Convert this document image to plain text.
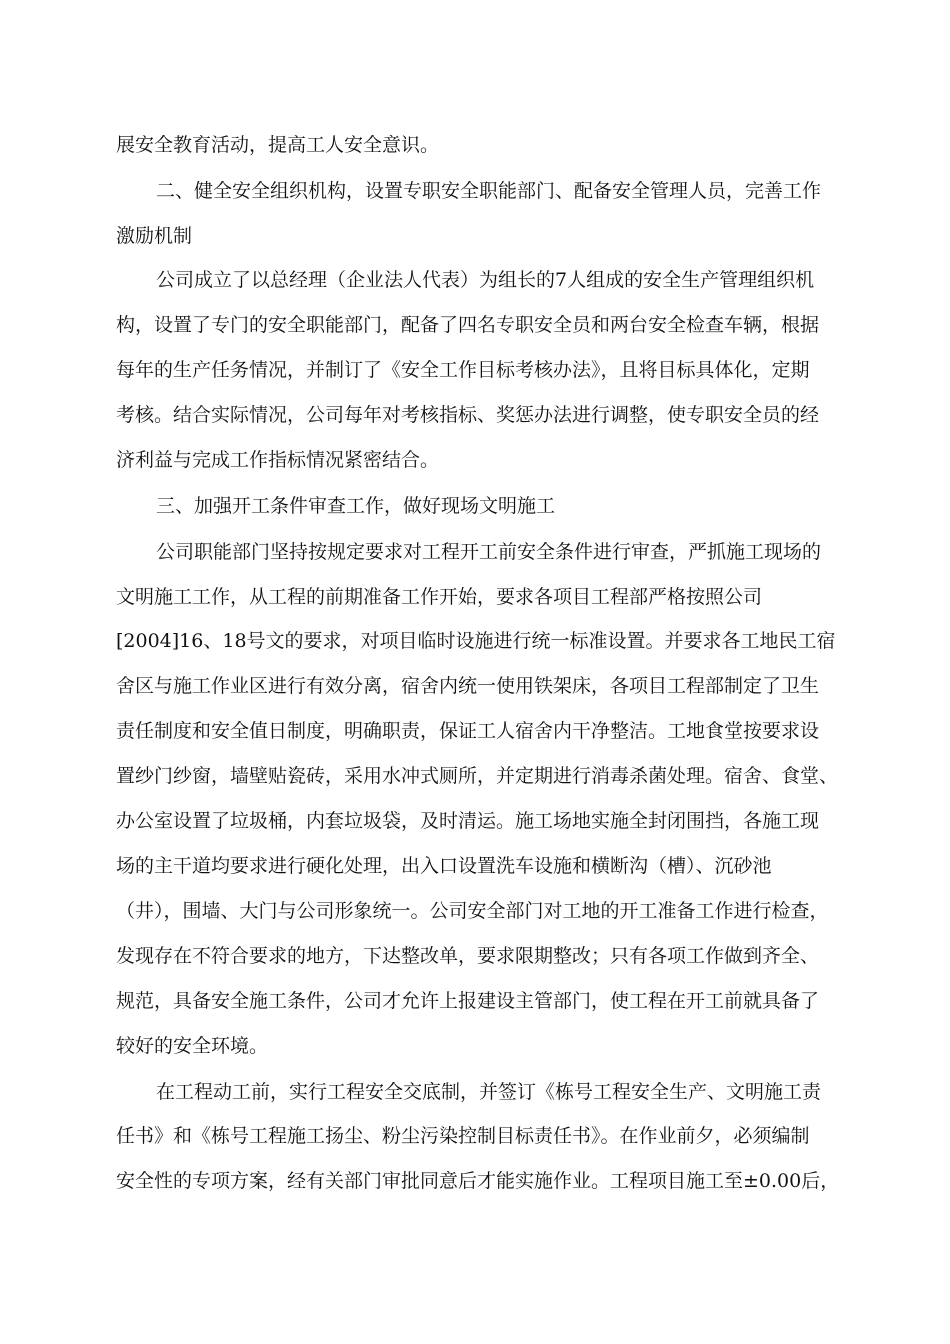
展安全教育活动，提高工人安全意识。
二、健全安全组织机构，设置专职安全职能部门、配备安全管理人员，完善工作
激励机制
公司成立了以总经理（企业法人代表）为组长的7人组成的安全生产管理组织机
构，设置了专门的安全职能部门，配备了四名专职安全员和两台安全检查车辆，根据
每年的生产任务情况，并制订了《安全工作目标考核办法》，且将目标具体化，定期
考核。结合实际情况，公司每年对考核指标、奖惩办法进行调整，使专职安全员的经
济利益与完成工作指标情况紧密结合。
三、加强开工条件审查工作，做好现场文明施工
公司职能部门坚持按规定要求对工程开工前安全条件进行审查，严抓施工现场的
文明施工工作，从工程的前期准备工作开始，要求各项目工程部严格按照公司
[2004]16、18号文的要求，对项目临时设施进行统一标准设置。并要求各工地民工宿
舍区与施工作业区进行有效分离，宿舍内统一使用铁架床，各项目工程部制定了卫生
责任制度和安全值日制度，明确职责，保证工人宿舍内干净整洁。工地食堂按要求设
置纱门纱窗，墙壁贴瓷砖，采用水冲式厕所，并定期进行消毒杀菌处理。宿舍、食堂、
办公室设置了垃圾桶，内套垃圾袋，及时清运。施工场地实施全封闭围挡，各施工现
场的主干道均要求进行硬化处理，出入口设置洗车设施和横断沟（槽）、沉砂池
（井），围墙、大门与公司形象统一。公司安全部门对工地的开工准备工作进行检查，
发现存在不符合要求的地方，下达整改单，要求限期整改；只有各项工作做到齐全、
规范，具备安全施工条件，公司才允许上报建设主管部门，使工程在开工前就具备了
较好的安全环境。
在工程动工前，实行工程安全交底制，并签订《栋号工程安全生产、文明施工责
任书》和《栋号工程施工扬尘、粉尘污染控制目标责任书》。在作业前夕，必须编制
安全性的专项方案，经有关部门审批同意后才能实施作业。工程项目施工至±0.00后，
